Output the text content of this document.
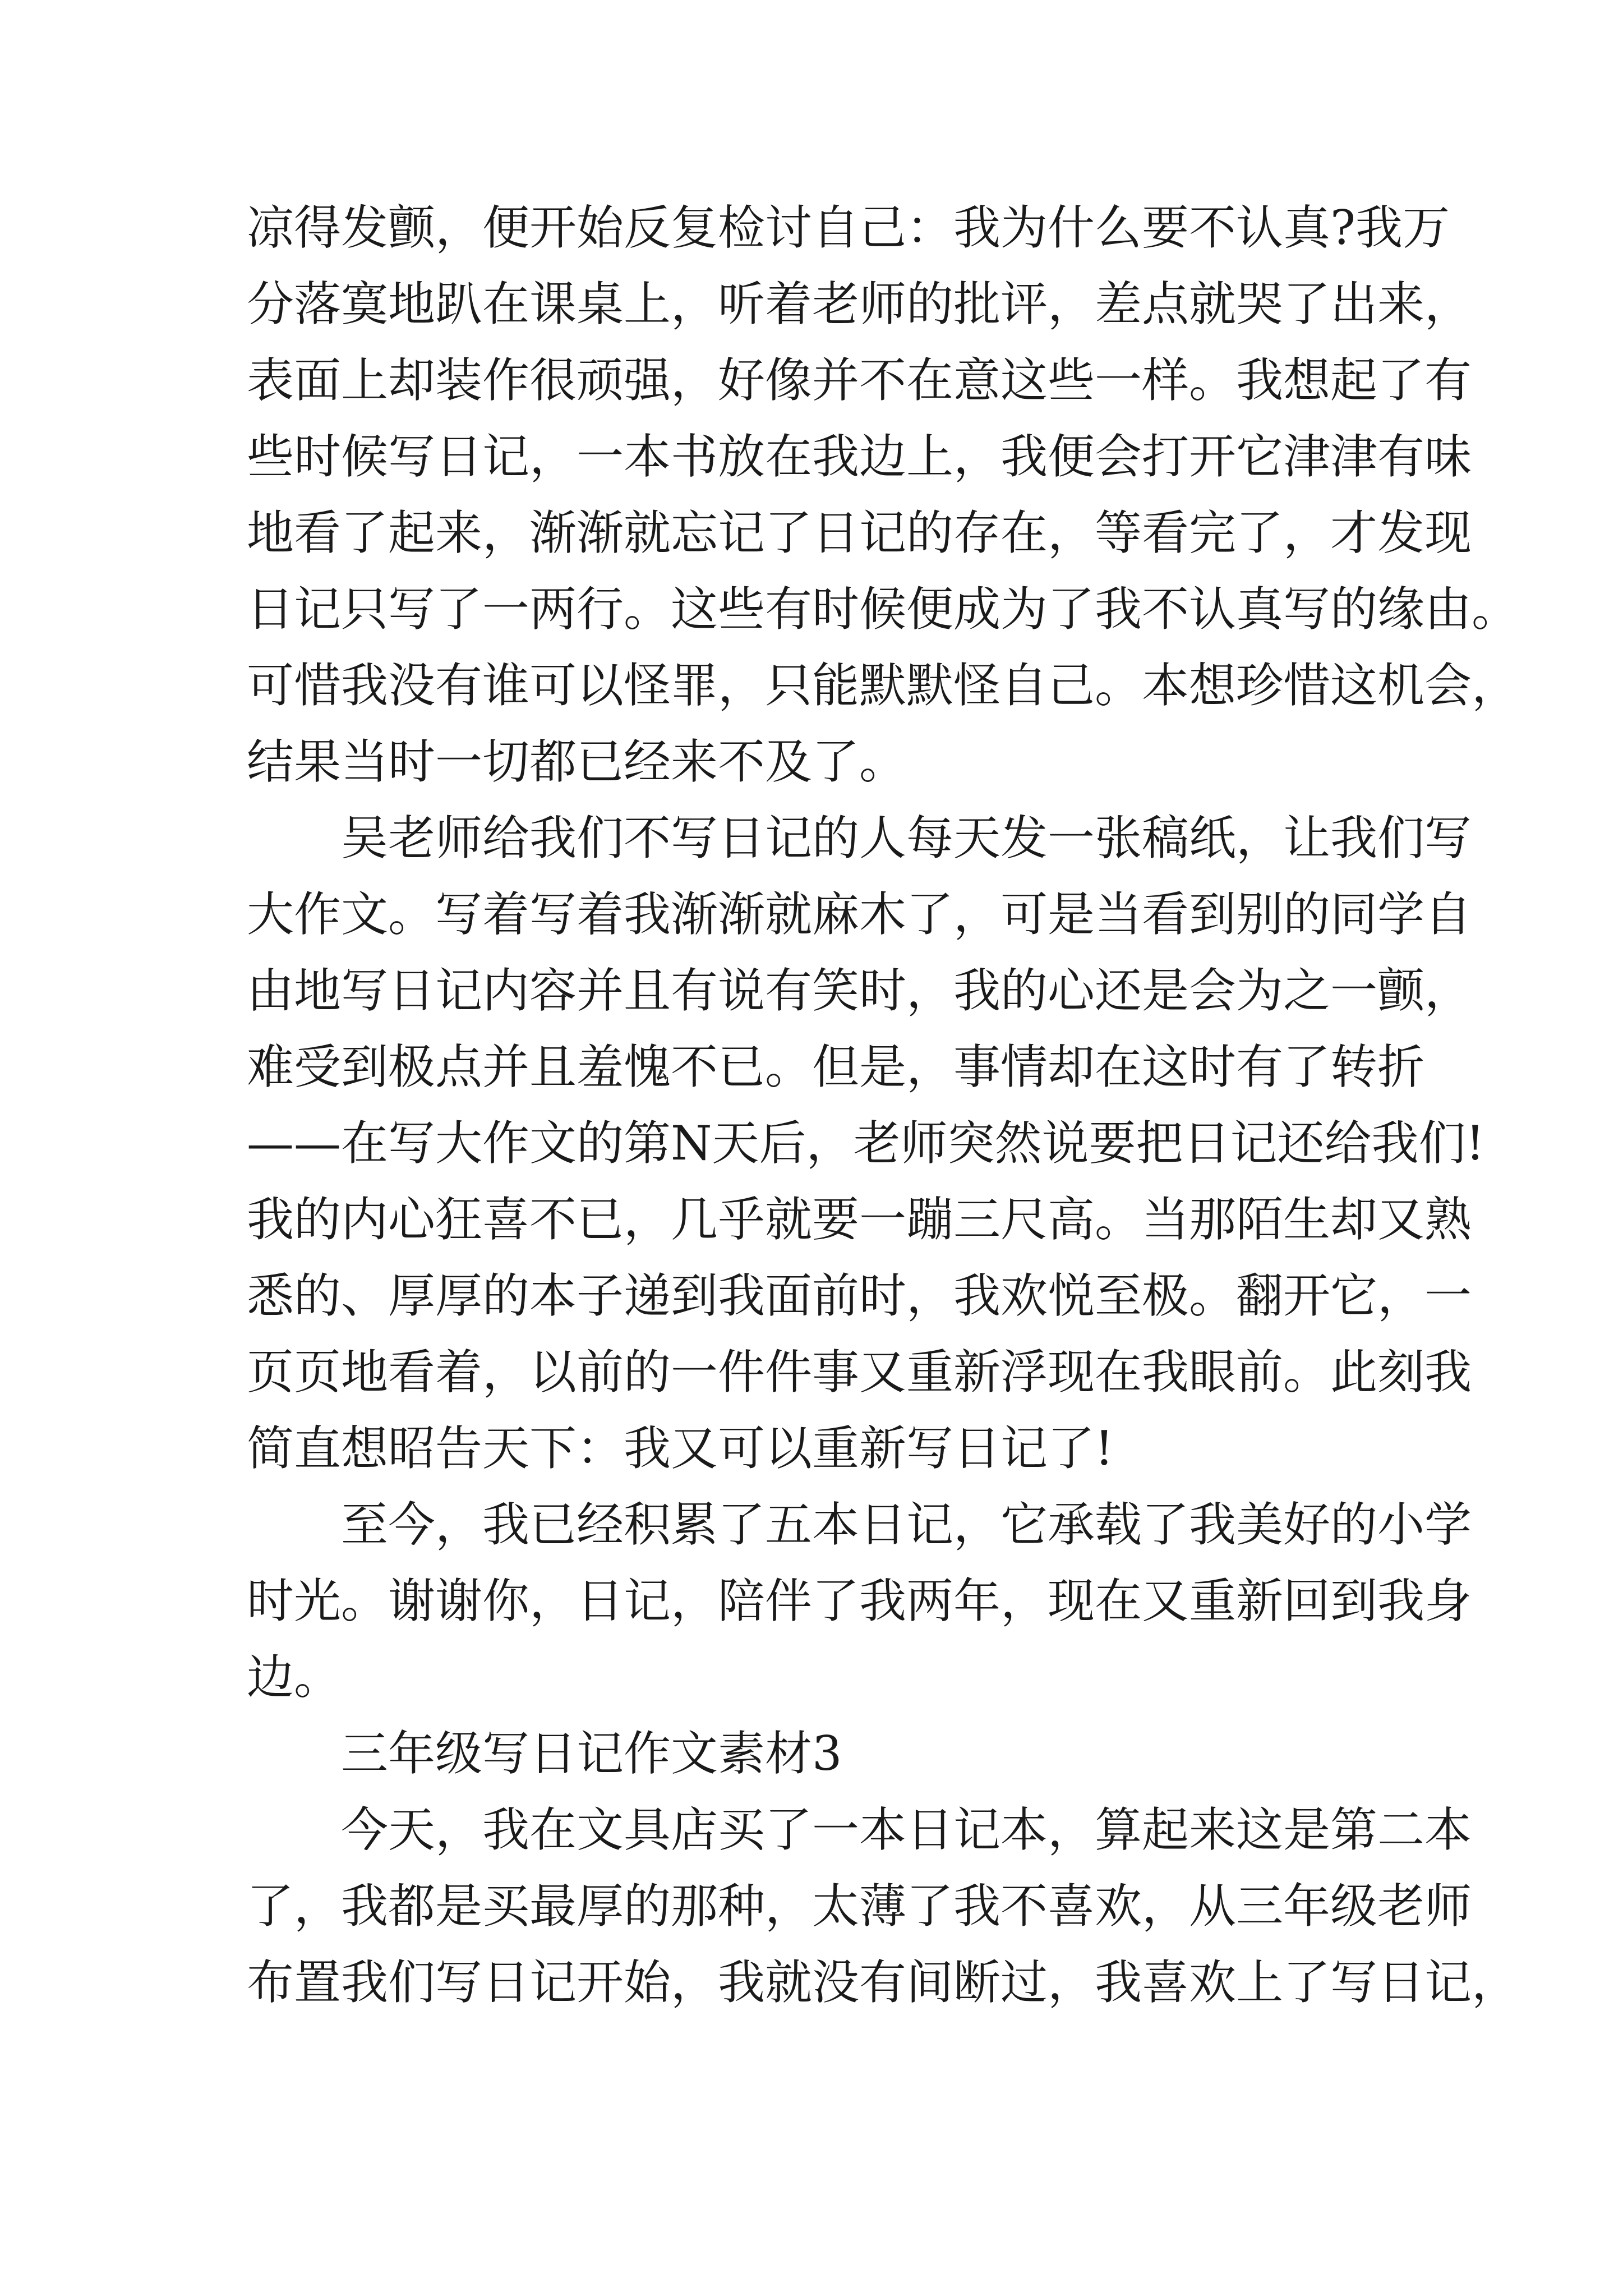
凉得发颤，便开始反复检讨自己：我为什么要不认真?我万
分落寞地趴在课桌上，听着老师的批评，差点就哭了出来，
表面上却装作很顽强，好像并不在意这些一样。我想起了有
些时候写日记，一本书放在我边上，我便会打开它津津有味
地看了起来，渐渐就忘记了日记的存在，等看完了，才发现
日记只写了一两行。这些有时候便成为了我不认真写的缘由。
可惜我没有谁可以怪罪，只能默默怪自己。本想珍惜这机会，
结果当时一切都已经来不及了。
吴老师给我们不写日记的人每天发一张稿纸，让我们写
大作文。写着写着我渐渐就麻木了，可是当看到别的同学自
由地写日记内容并且有说有笑时，我的心还是会为之一颤，
难受到极点并且羞愧不已。但是，事情却在这时有了转折
——在写大作文的第N天后，老师突然说要把日记还给我们!
我的内心狂喜不已，几乎就要一蹦三尺高。当那陌生却又熟
悉的、厚厚的本子递到我面前时，我欢悦至极。翻开它，一
页页地看着，以前的一件件事又重新浮现在我眼前。此刻我
简直想昭告天下：我又可以重新写日记了!
至今，我已经积累了五本日记，它承载了我美好的小学
时光。谢谢你，日记，陪伴了我两年，现在又重新回到我身
边。
三年级写日记作文素材3
今天，我在文具店买了一本日记本，算起来这是第二本
了，我都是买最厚的那种，太薄了我不喜欢，从三年级老师
布置我们写日记开始，我就没有间断过，我喜欢上了写日记，
